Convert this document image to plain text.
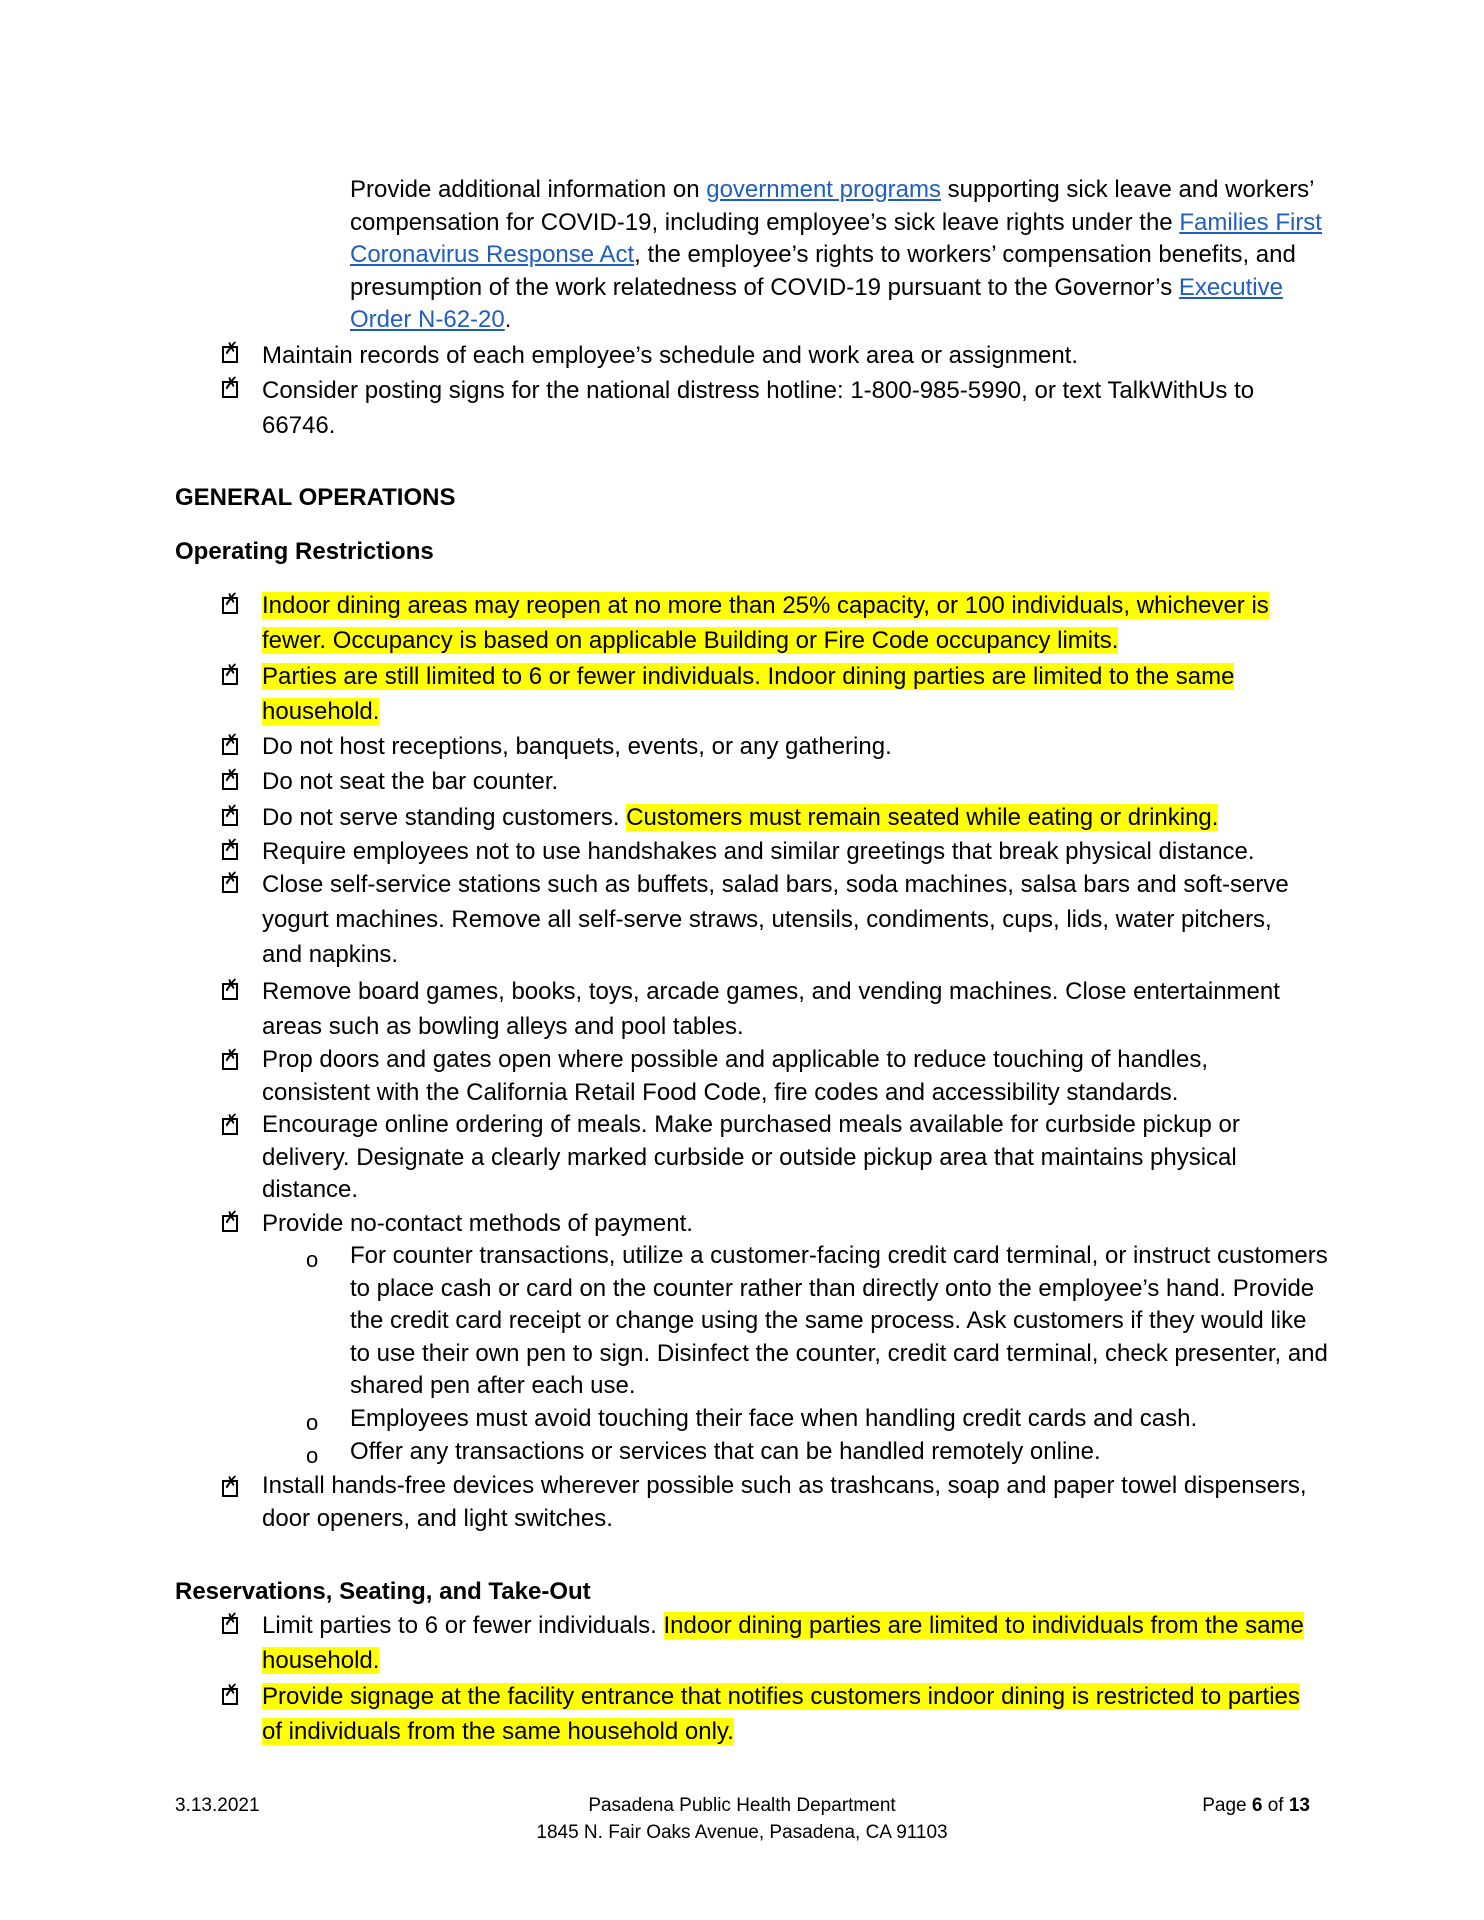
Provide additional information on government programs supporting sick leave and workers’ compensation for COVID-19, including employee’s sick leave rights under the Families First Coronavirus Response Act, the employee’s rights to workers’ compensation benefits, and presumption of the work relatedness of COVID-19 pursuant to the Governor’s Executive Order N-62-20.
✗
Maintain records of each employee’s schedule and work area or assignment.
✗
Consider posting signs for the national distress hotline: 1-800-985-5990, or text TalkWithUs to 66746.
GENERAL OPERATIONS
Operating Restrictions
✗
Indoor dining areas may reopen at no more than 25% capacity, or 100 individuals, whichever is fewer. Occupancy is based on applicable Building or Fire Code occupancy limits.
✗
Parties are still limited to 6 or fewer individuals. Indoor dining parties are limited to the same household.
✗
Do not host receptions, banquets, events, or any gathering.
✗
Do not seat the bar counter.
✗
Do not serve standing customers. Customers must remain seated while eating or drinking.
✗
Require employees not to use handshakes and similar greetings that break physical distance.
✗
Close self-service stations such as buffets, salad bars, soda machines, salsa bars and soft-serve yogurt machines. Remove all self-serve straws, utensils, condiments, cups, lids, water pitchers, and napkins.
✗
Remove board games, books, toys, arcade games, and vending machines. Close entertainment areas such as bowling alleys and pool tables.
✗
Prop doors and gates open where possible and applicable to reduce touching of handles, consistent with the California Retail Food Code, fire codes and accessibility standards.
✗
Encourage online ordering of meals. Make purchased meals available for curbside pickup or delivery. Designate a clearly marked curbside or outside pickup area that maintains physical distance.
✗
Provide no-contact methods of payment.
o For counter transactions, utilize a customer-facing credit card terminal, or instruct customers to place cash or card on the counter rather than directly onto the employee’s hand. Provide the credit card receipt or change using the same process. Ask customers if they would like to use their own pen to sign. Disinfect the counter, credit card terminal, check presenter, and shared pen after each use.
o Employees must avoid touching their face when handling credit cards and cash.
o Offer any transactions or services that can be handled remotely online.
✗
Install hands-free devices wherever possible such as trashcans, soap and paper towel dispensers, door openers, and light switches.
Reservations, Seating, and Take-Out
✗
Limit parties to 6 or fewer individuals. Indoor dining parties are limited to individuals from the same household.
✗
Provide signage at the facility entrance that notifies customers indoor dining is restricted to parties of individuals from the same household only.
3.13.2021	Pasadena Public Health Department
1845 N. Fair Oaks Avenue, Pasadena, CA 91103
Page 6 of 13
